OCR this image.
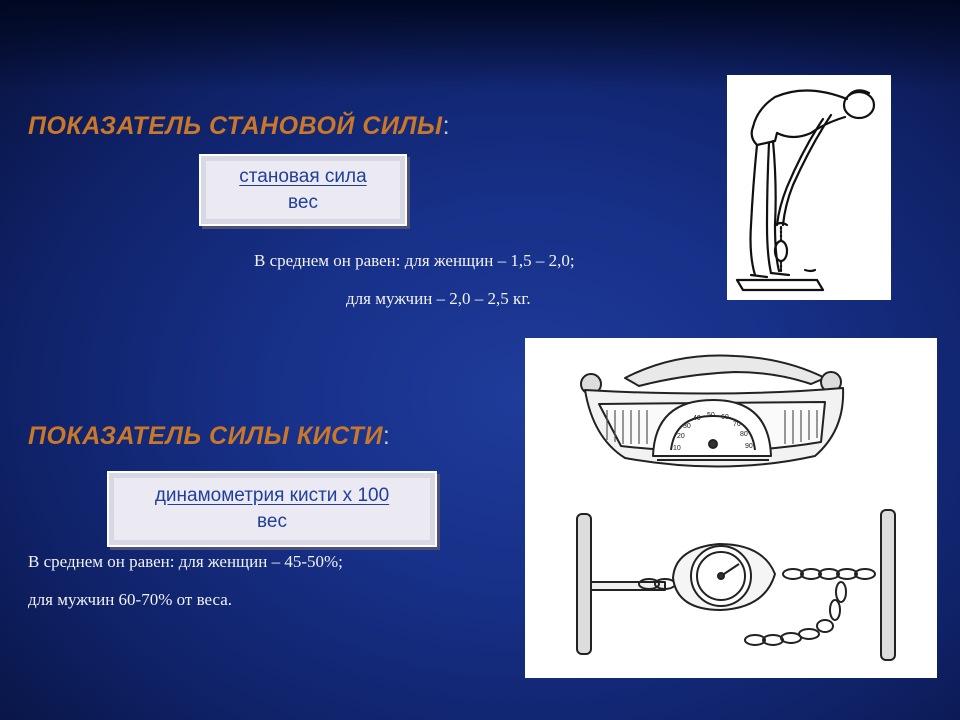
ПОКАЗАТЕЛЬ СТАНОВОЙ СИЛЫ:
становая сила
вес
В среднем он равен: для женщин – 1,5 – 2,0;
для мужчин – 2,0 – 2,5 кг.
ПОКАЗАТЕЛЬ СИЛЫ КИСТИ:
динамометрия кисти х 100
вес
В среднем он равен: для женщин – 45-50%;
для мужчин 60-70% от веса.
10
20
30
40 50 60
70
80
90
